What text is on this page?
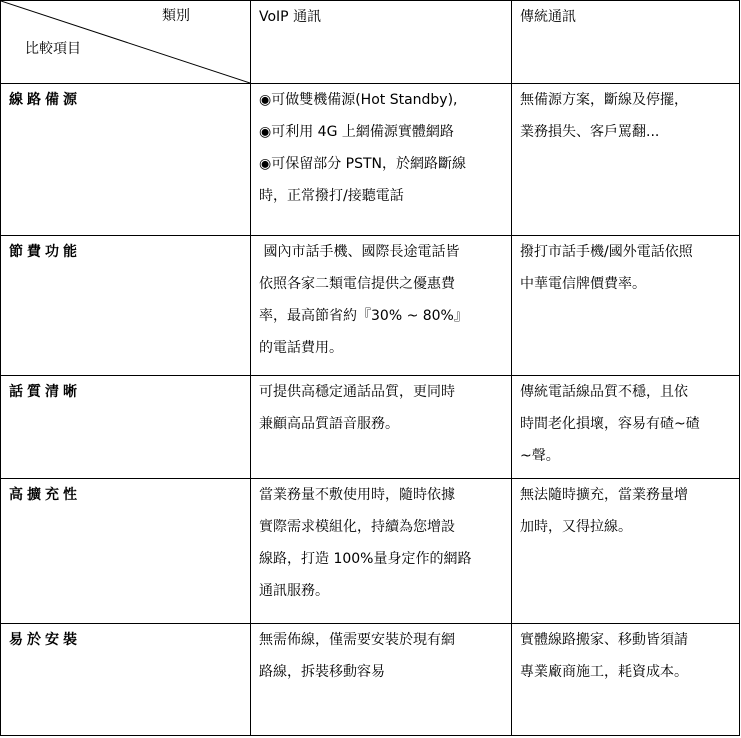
類別
比較項目	VoIP 通訊	傳統通訊
線路備源	◉可做雙機備源(Hot Standby),
◉可利用 4G 上網備源實體網路
◉可保留部分 PSTN，於網路斷線
時，正常撥打/接聽電話	無備源方案，斷線及停擺，
業務損失、客戶罵翻...

節費功能	國內市話手機、國際長途電話皆
依照各家二類電信提供之優惠費
率，最高節省約『30% ~ 80%』
的電話費用。	撥打市話手機/國外電話依照
中華電信牌價費率。

話質清晰	可提供高穩定通話品質，更同時
兼顧高品質語音服務。	傳統電話線品質不穩，且依
時間老化損壞，容易有碴~碴
~聲。

高擴充性	當業務量不敷使用時，隨時依據
實際需求模組化，持續為您增設
線路，打造 100%量身定作的網路
通訊服務。	無法隨時擴充，當業務量增
加時，又得拉線。

易於安裝	無需佈線，僅需要安裝於現有網
路線，拆裝移動容易	實體線路搬家、移動皆須請
專業廠商施工，耗資成本。
